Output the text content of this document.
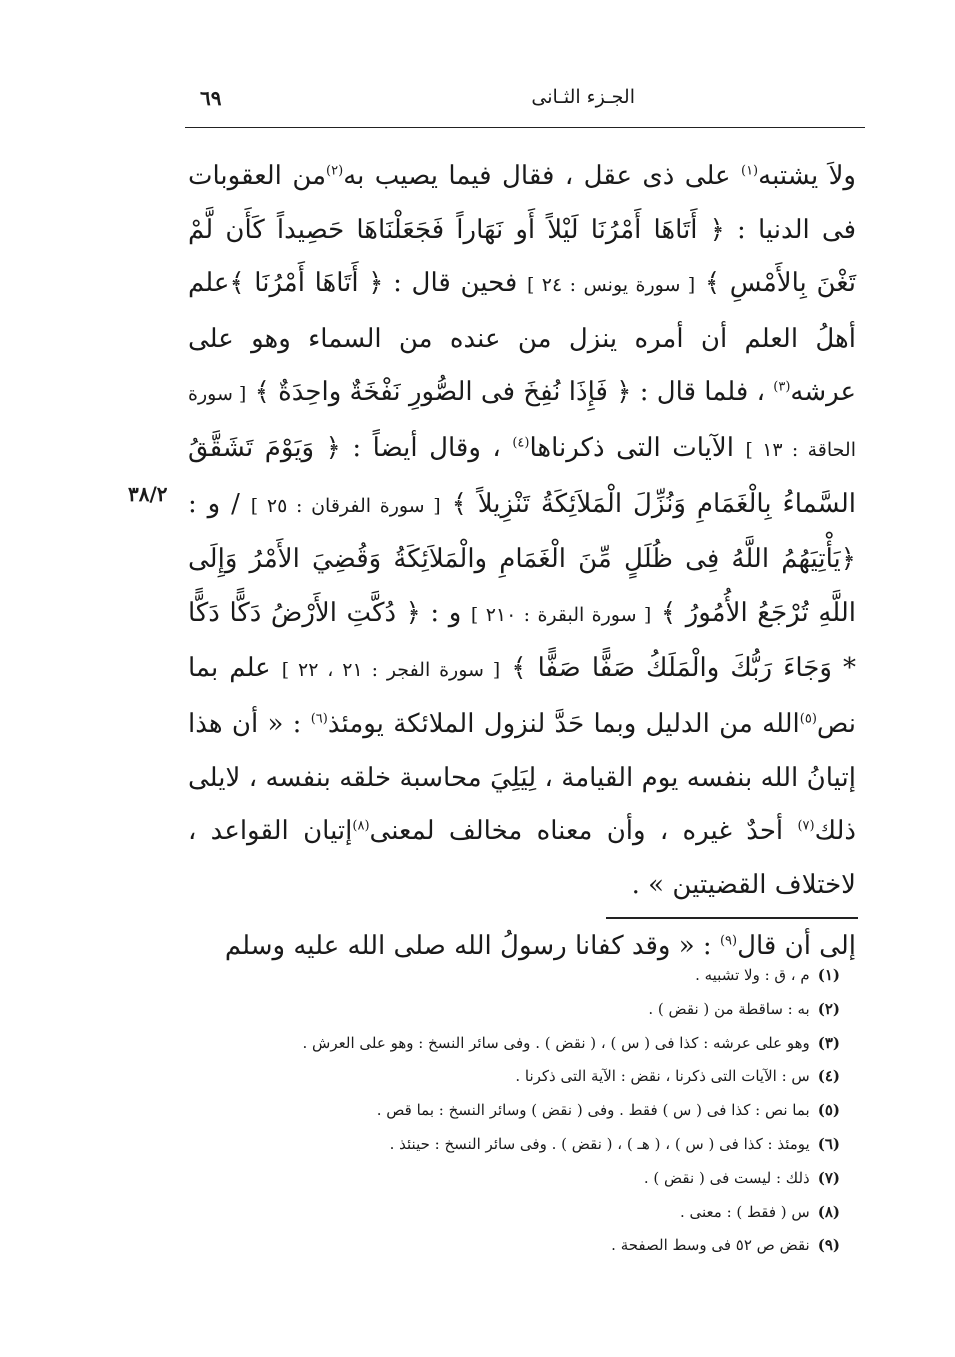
الجـزء الثـانى
٦٩
٣٨/٢

ولاَ يشتبه$^{(١)}$ على ذى عقل ، فقال فيما يصيب به$^{(٢)}$من العقوبات فى الدنيا : ﴿ أَتَاهَا أَمْرُنَا لَيْلاً أَو نَهَاراً فَجَعَلْنَاهَا حَصِيداً كَأَن لَّمْ تَغْنَ بِالأَمْسِ ﴾ [ سورة يونس : ٢٤ ] فحين قال : ﴿ أَتَاهَا أَمْرُنَا ﴾علم أهلُ العلم أن أمره ينزل من عنده من السماء وهو على عرشه$^{(٣)}$ ، فلما قال : ﴿ فَإِذَا نُفِخَ فى الصُّورِ نَفْخَةٌ واحِدَةٌ ﴾ [ سورة الحاقة : ١٣ ] الآيات التى ذكرناها$^{(٤)}$ ، وقال أيضاً : ﴿ وَيَوْمَ تَشَقَّقُ السَّماءُ بِالْغَمَامِ وَنُزِّلَ الْمَلاَئِكَةُ تَنْزِيلاً ﴾ [ سورة الفرقان : ٢٥ ] / و : ﴿يَأْتِيَهُمُ اللَّهُ فِى ظُلَلٍ مِّنَ الْغَمَامِ والْمَلاَئِكَةُ وَقُضِيَ الأَمْرُ وَإِلَى اللَّهِ تُرْجَعُ الأُمُورُ ﴾ [ سورة البقرة : ٢١٠ ] و : ﴿ دُكَّتِ الأَرْضُ دَكًّا دَكًّا * وَجَاءَ رَبُّكَ والْمَلَكُ صَفًّا صَفًّا ﴾ [ سورة الفجر : ٢١ ، ٢٢ ] علم بما نص$^{(٥)}$الله من الدليل وبما حَدَّ لنزول الملائكة يومئذ$^{(٦)}$ : « أن هذا إتيانُ الله بنفسه يوم القيامة ، لِيَلِيَ محاسبة خلقه بنفسه ، لايلى ذلك$^{(٧)}$ أحدٌ غيره ، وأن معناه مخالف لمعنى$^{(٨)}$إتيان القواعد ، لاختلاف القضيتين » .

إلى أن قال$^{(٩)}$ : « وقد كفانا رسولُ الله صلى الله عليه وسلم

(١)م ، ق : ولا تشبيه .
(٢)به : ساقطة من ( نقض ) .
(٣)وهو على عرشه : كذا فى ( س ) ، ( نقض ) . وفى سائر النسخ : وهو على العرش .
(٤)س : الآيات التى ذكرنا ، نقض : الآية التى ذكرنا .
(٥)بما نص : كذا فى ( س ) فقط . وفى ( نقض ) وسائر النسخ : بما قص .
(٦)يومئذ : كذا فى ( س ) ، ( هـ ) ، ( نقض ) . وفى سائر النسخ : حينئذ .
(٧)ذلك : ليست فى ( نقض ) .
(٨)س ( فقط ) : معنى .
(٩)نقض ص ٥٢ فى وسط الصفحة .
